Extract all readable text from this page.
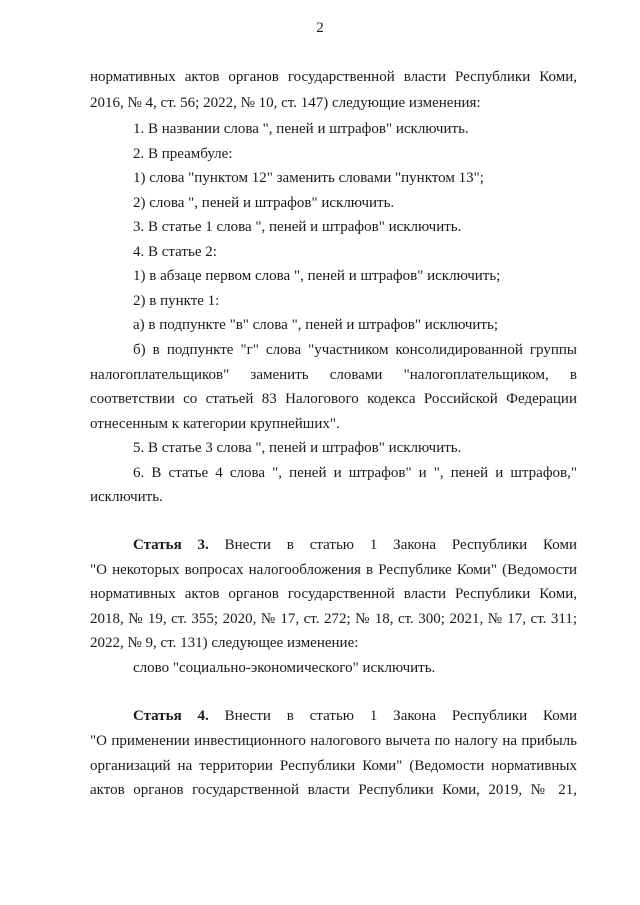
2
нормативных актов органов государственной власти Республики Коми,
2016, № 4, ст. 56; 2022, № 10, ст. 147) следующие изменения:
1. В названии слова ", пеней и штрафов" исключить.
2. В преамбуле:
1) слова "пунктом 12" заменить словами "пунктом 13";
2) слова ", пеней и штрафов" исключить.
3. В статье 1 слова ", пеней и штрафов" исключить.
4. В статье 2:
1) в абзаце первом слова ", пеней и штрафов" исключить;
2) в пункте 1:
а) в подпункте "в" слова ", пеней и штрафов" исключить;
б) в подпункте "г" слова "участником консолидированной группы
налогоплательщиков" заменить словами "налогоплательщиком, в
соответствии со статьей 83 Налогового кодекса Российской Федерации
отнесенным к категории крупнейших".
5. В статье 3 слова ", пеней и штрафов" исключить.
6. В статье 4 слова ", пеней и штрафов" и ", пеней и штрафов,"
исключить.
Статья 3. Внести в статью 1 Закона Республики Коми
"О некоторых вопросах налогообложения в Республике Коми" (Ведомости
нормативных актов органов государственной власти Республики Коми,
2018, № 19, ст. 355; 2020, № 17, ст. 272; № 18, ст. 300; 2021, № 17, ст. 311;
2022, № 9, ст. 131) следующее изменение:
слово "социально-экономического" исключить.
Статья 4. Внести в статью 1 Закона Республики Коми
"О применении инвестиционного налогового вычета по налогу на прибыль
организаций на территории Республики Коми" (Ведомости нормативных
актов органов государственной власти Республики Коми, 2019, № 21,
